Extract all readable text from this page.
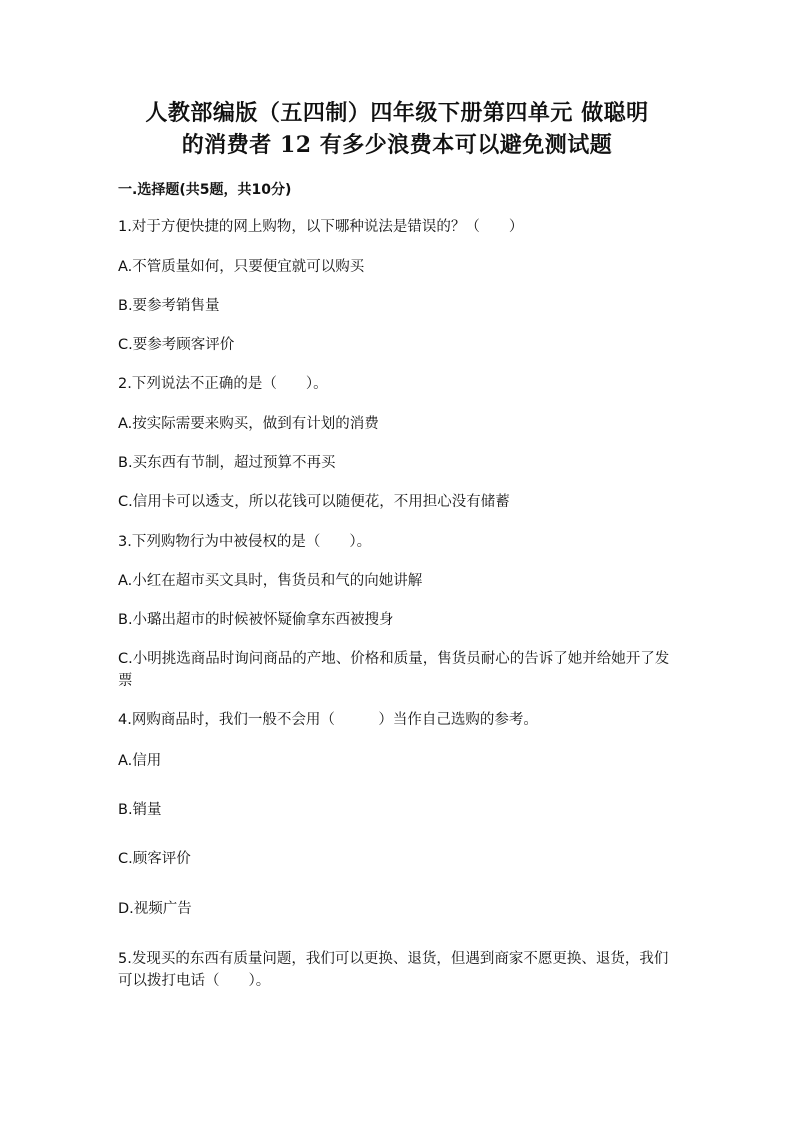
人教部编版（五四制）四年级下册第四单元 做聪明
的消费者 12 有多少浪费本可以避免测试题
一.选择题(共5题，共10分)
1.对于方便快捷的网上购物，以下哪种说法是错误的？（　　）
A.不管质量如何，只要便宜就可以购买
B.要参考销售量
C.要参考顾客评价
2.下列说法不正确的是（　　）。
A.按实际需要来购买，做到有计划的消费
B.买东西有节制，超过预算不再买
C.信用卡可以透支，所以花钱可以随便花，不用担心没有储蓄
3.下列购物行为中被侵权的是（　　）。
A.小红在超市买文具时，售货员和气的向她讲解
B.小璐出超市的时候被怀疑偷拿东西被搜身
C.小明挑选商品时询问商品的产地、价格和质量，售货员耐心的告诉了她并给她开了发票
4.网购商品时，我们一般不会用（　　　）当作自己选购的参考。
A.信用
B.销量
C.顾客评价
D.视频广告
5.发现买的东西有质量问题，我们可以更换、退货，但遇到商家不愿更换、退货，我们可以拨打电话（　　）。
